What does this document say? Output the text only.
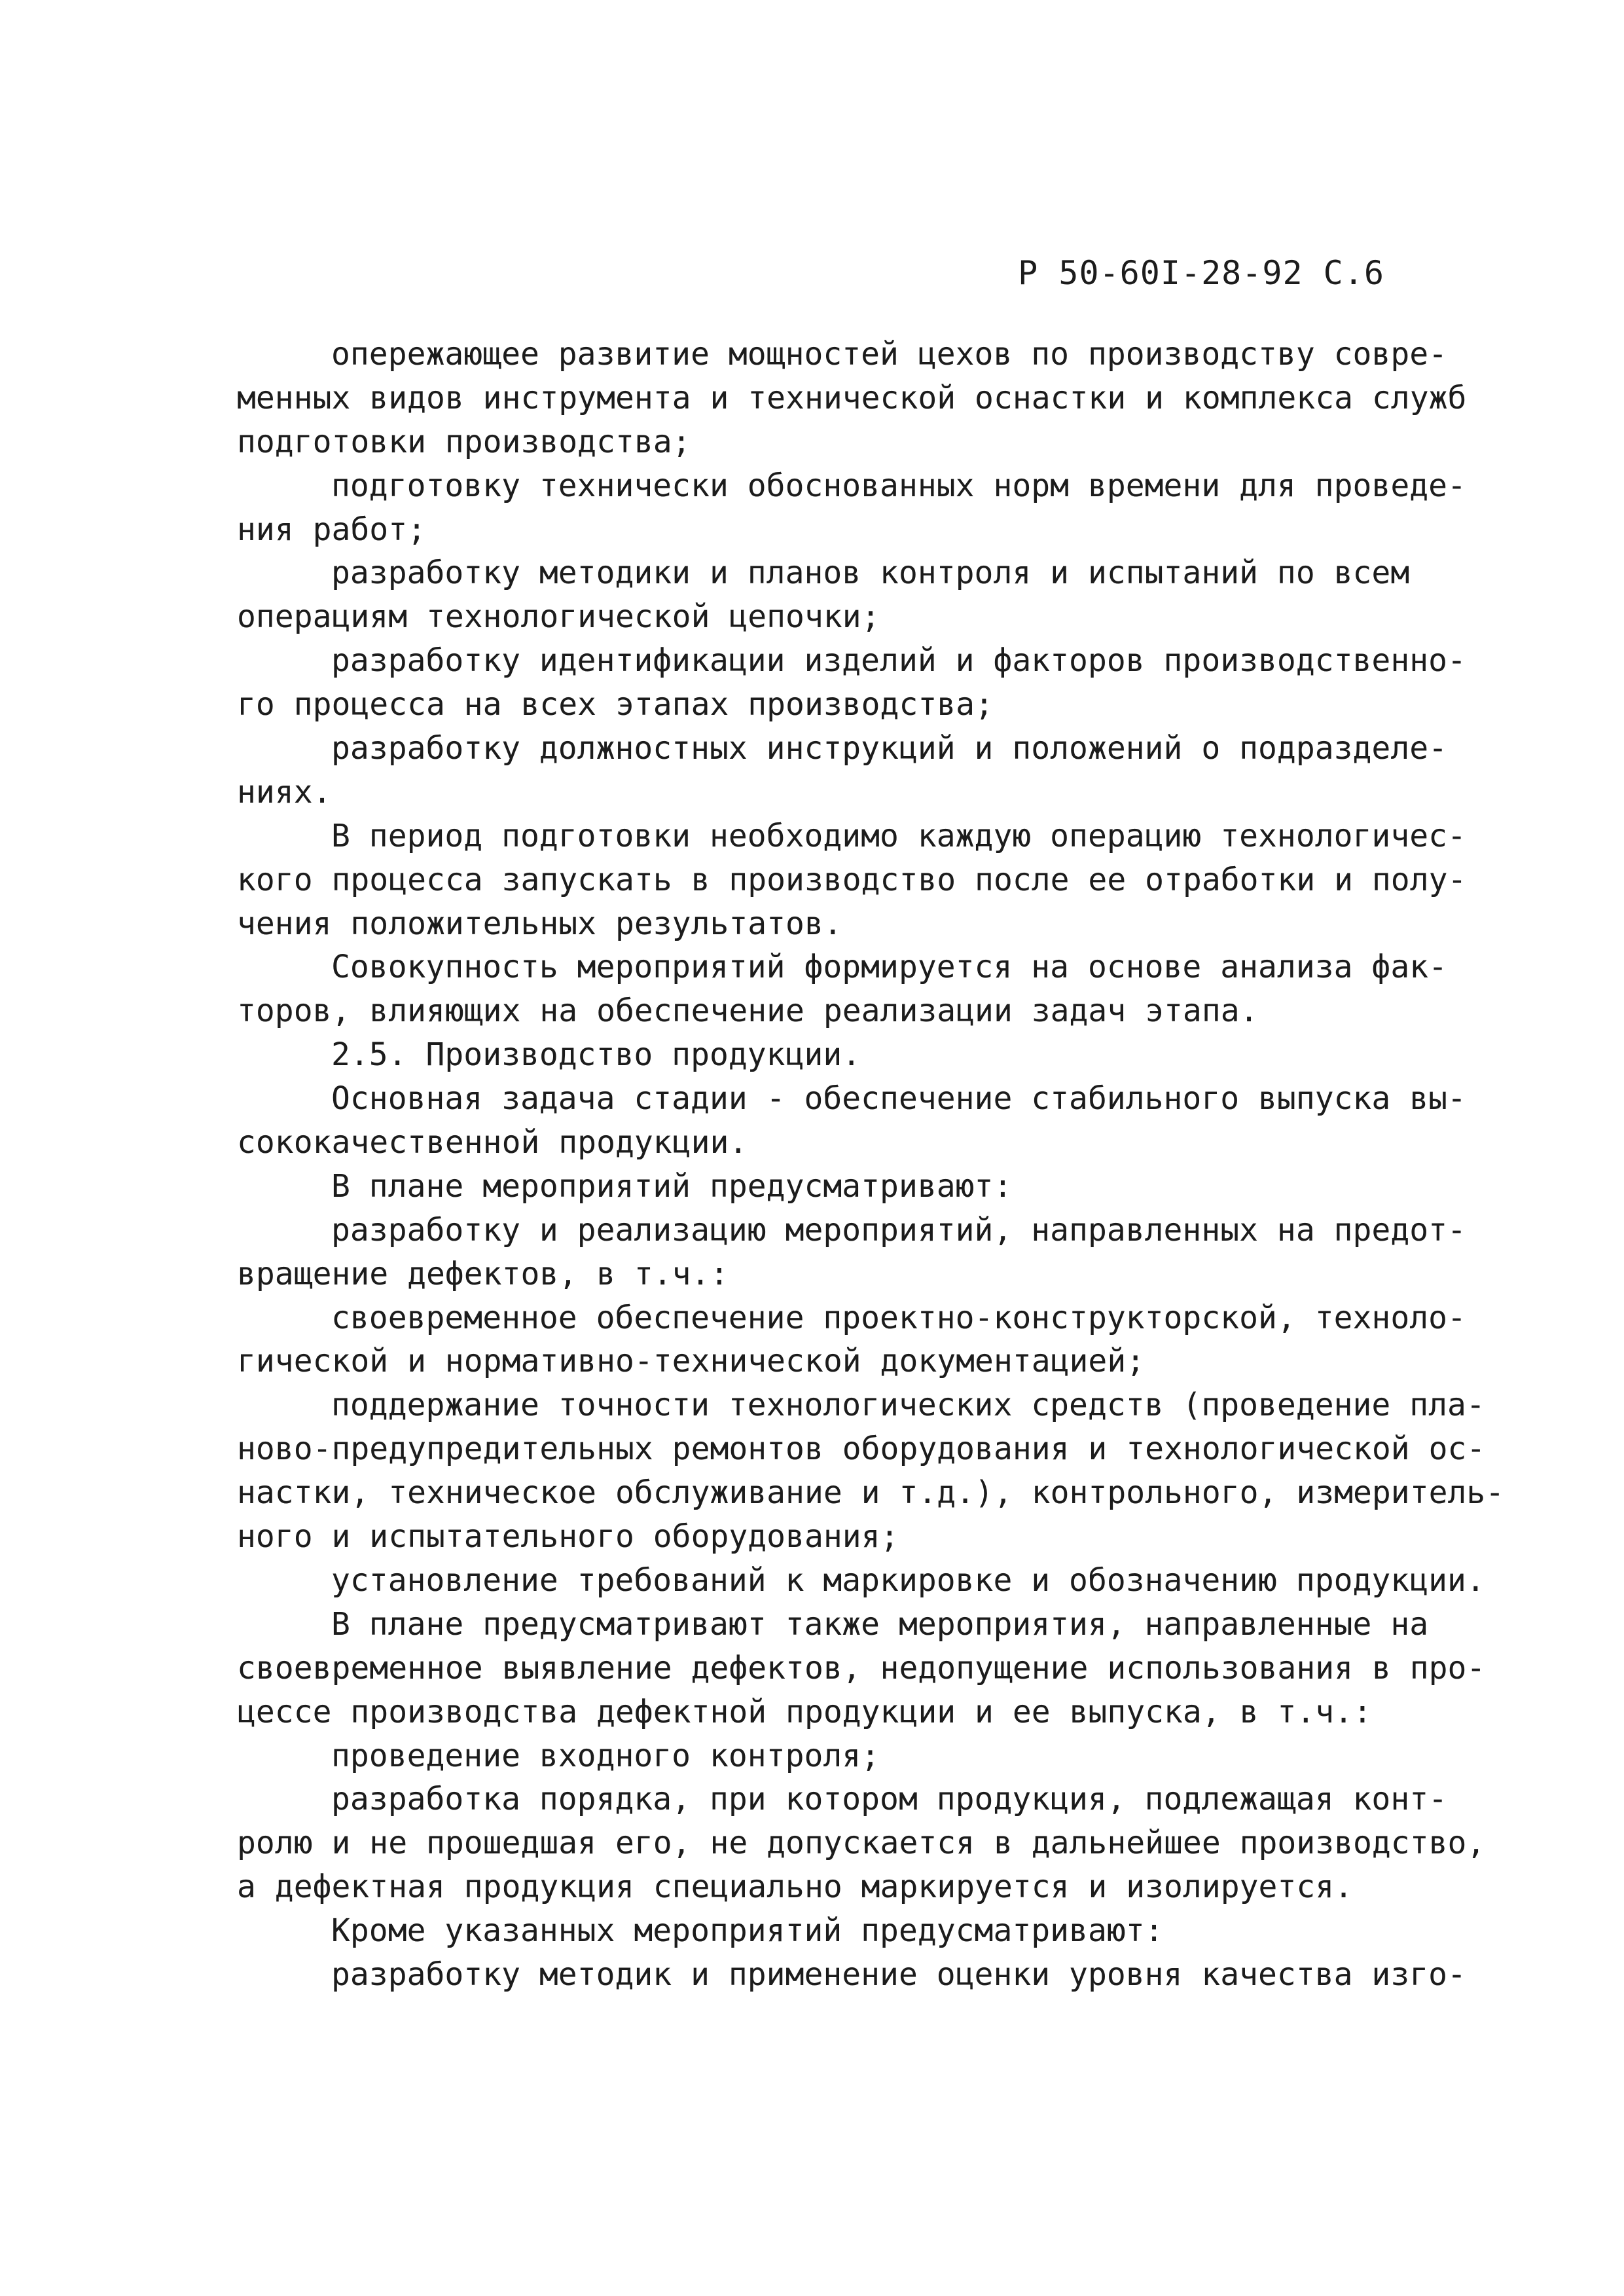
Р 50-60I-28-92 С.6
опережающее развитие мощностей цехов по производству совре-
менных видов инструмента и технической оснастки и комплекса служб
подготовки производства;
подготовку технически обоснованных норм времени для проведе-
ния работ;
разработку методики и планов контроля и испытаний по всем
операциям технологической цепочки;
разработку идентификации изделий и факторов производственно-
го процесса на всех этапах производства;
разработку должностных инструкций и положений о подразделе-
ниях.
В период подготовки необходимо каждую операцию технологичес-
кого процесса запускать в производство после ее отработки и полу-
чения положительных результатов.
Совокупность мероприятий формируется на основе анализа фак-
торов, влияющих на обеспечение реализации задач этапа.
2.5. Производство продукции.
Основная задача стадии - обеспечение стабильного выпуска вы-
сококачественной продукции.
В плане мероприятий предусматривают:
разработку и реализацию мероприятий, направленных на предот-
вращение дефектов, в т.ч.:
своевременное обеспечение проектно-конструкторской, техноло-
гической и нормативно-технической документацией;
поддержание точности технологических средств (проведение пла-
ново-предупредительных ремонтов оборудования и технологической ос-
настки, техническое обслуживание и т.д.), контрольного, измеритель-
ного и испытательного оборудования;
установление требований к маркировке и обозначению продукции.
В плане предусматривают также мероприятия, направленные на
своевременное выявление дефектов, недопущение использования в про-
цессе производства дефектной продукции и ее выпуска, в т.ч.:
проведение входного контроля;
разработка порядка, при котором продукция, подлежащая конт-
ролю и не прошедшая его, не допускается в дальнейшее производство,
а дефектная продукция специально маркируется и изолируется.
Кроме указанных мероприятий предусматривают:
разработку методик и применение оценки уровня качества изго-
